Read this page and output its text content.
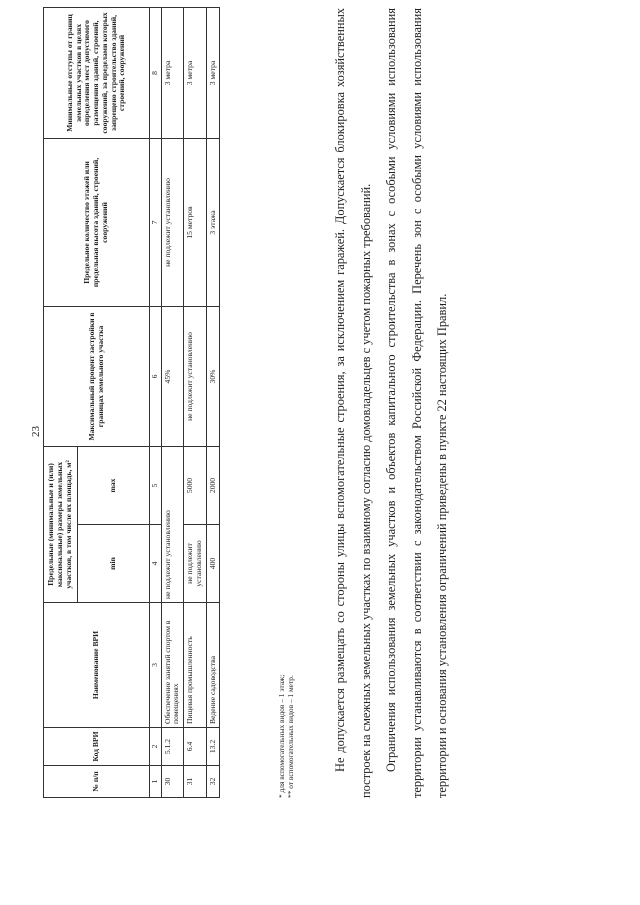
23
№ п/п	Код ВРИ	Наименование ВРИ	Предельные (минимальные и (или) максимальные) размеры земельных участков, в том числе их площадь, м²		Максимальный процент застройки в границах земельного участка	Предельное количество этажей или предельная высота зданий, строений, сооружений	Минимальные отступы от границ земельных участков в целях определения мест допустимого размещения зданий, строений, сооружений, за пределами которых запрещено строительство зданий, строений, сооружений
			min	max			
1	2	3	4	5	6	7	8
30	5.1.2	Обеспечение занятий спортом в помещениях	не подлежит установлению		45%	не подлежит установлению	3 метра
31	6.4	Пищевая промышленность	не подлежит установлению	5000	не подлежит установлению	15 метров	3 метра
32	13.2	Ведение садоводства	400	2000	30%	3 этажа	3 метра
* для вспомогательных видов – 1 этаж; ** от вспомогательных видов – 1 метр.	Не допускается размещать со стороны улицы вспомогательные строения, за исключением гаражей. Допускается блокировка хозяйственных построек на смежных земельных участках по взаимному согласию домовладельцев с учетом пожарных требований. Ограничения использования земельных участков и объектов капитального строительства в зонах с особыми условиями использования территории устанавливаются в соответствии с законодательством Российской Федерации. Перечень зон с особыми условиями использования территории и основания установления ограничений приведены в пункте 22 настоящих Правил.
